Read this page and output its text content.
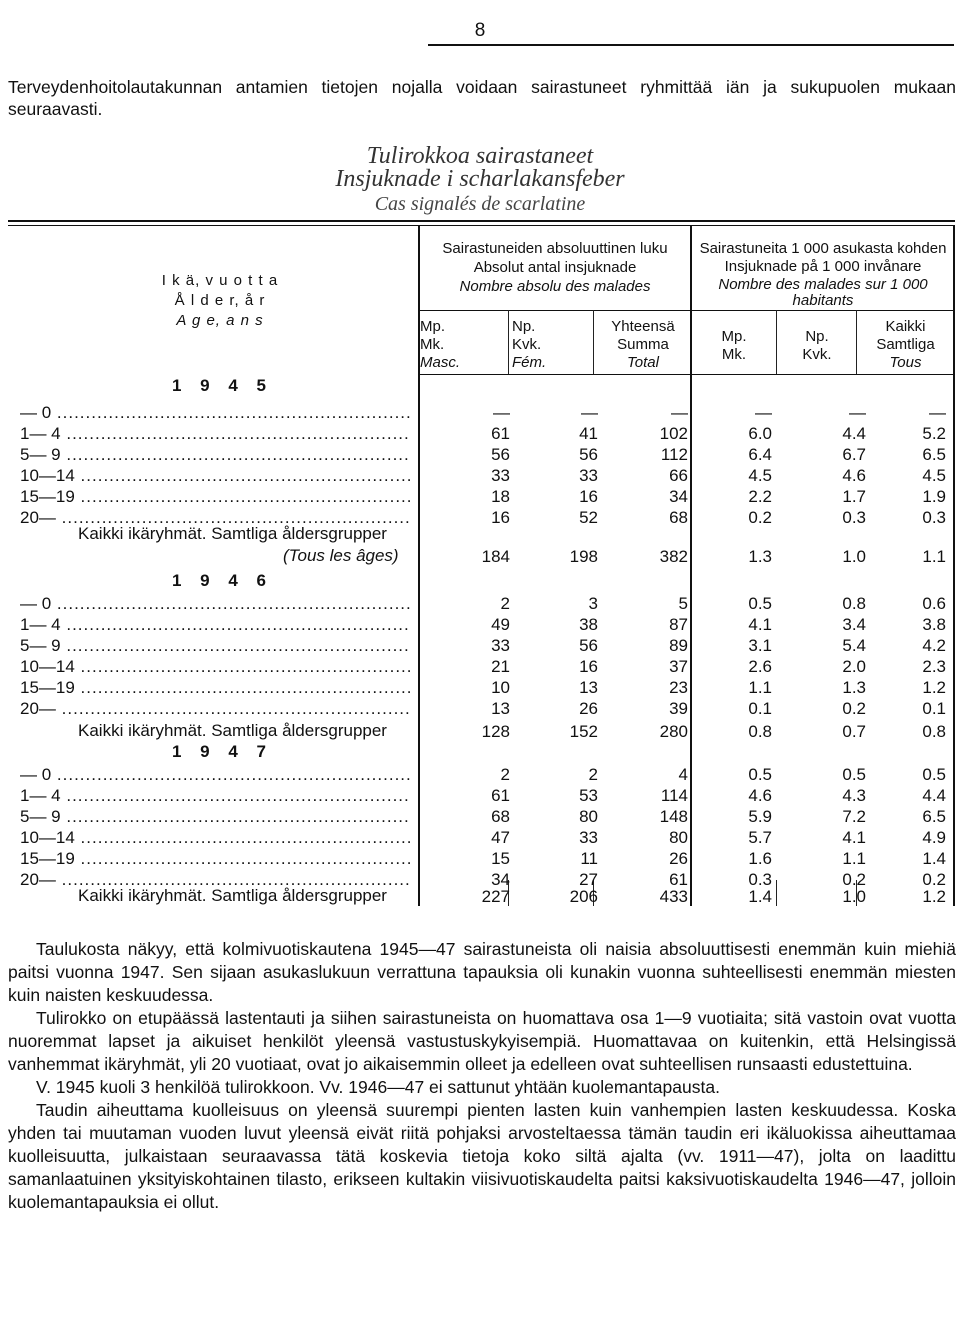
8
Terveydenhoitolautakunnan antamien tietojen nojalla voidaan sairastuneet ryhmittää iän ja sukupuolen mukaan seuraavasti.
Tulirokkoa sairastaneet
Insjuknade i scharlakansfeber
Cas signalés de scarlatine
I k ä, v u o t t a
Å l d e r, å r
A g e, a n s
Sairastuneiden absoluuttinen luku
Absolut antal insjuknade
Nombre absolu des malades
Sairastuneita 1 000 asukasta kohden
Insjuknade på 1 000 invånare
Nombre des malades sur 1 000
habitants
Mp.
Mk.
Masc.
Np.
Kvk.
Fém.
Yhteensä
Summa
Total
Mp.
Mk.
Np.
Kvk.
Kaikki
Samtliga
Tous
1 9 4 5
— 0 .....	—	—	—	—	—	—
1— 4 .....	61	41	102	6.0	4.4	5.2
5— 9 .....	56	56	112	6.4	6.7	6.5
10—14 .....	33	33	66	4.5	4.6	4.5
15—19 .....	18	16	34	2.2	1.7	1.9
20— .....	16	52	68	0.2	0.3	0.3
Kaikki ikäryhmät. Samtliga åldersgrupper
(Tous les âges)	184	198	382	1.3	1.0	1.1
1 9 4 6
— 0 .....	2	3	5	0.5	0.8	0.6
1— 4 .....	49	38	87	4.1	3.4	3.8
5— 9 .....	33	56	89	3.1	5.4	4.2
10—14 .....	21	16	37	2.6	2.0	2.3
15—19 .....	10	13	23	1.1	1.3	1.2
20— .....	13	26	39	0.1	0.2	0.1
Kaikki ikäryhmät. Samtliga åldersgrupper	128	152	280	0.8	0.7	0.8
1 9 4 7
— 0 .....	2	2	4	0.5	0.5	0.5
1— 4 .....	61	53	114	4.6	4.3	4.4
5— 9 .....	68	80	148	5.9	7.2	6.5
10—14 .....	47	33	80	5.7	4.1	4.9
15—19 .....	15	11	26	1.6	1.1	1.4
20— .....	34	27	61	0.3	0.2	0.2
Kaikki ikäryhmät. Samtliga åldersgrupper	227	206	433	1.4	1.0	1.2

Taulukosta näkyy, että kolmivuotiskautena 1945—47 sairastuneista oli naisia absoluuttisesti enemmän kuin miehiä paitsi vuonna 1947. Sen sijaan asukaslukuun verrattuna tapauksia oli kunakin vuonna suhteellisesti enemmän miesten kuin naisten keskuudessa.

Tulirokko on etupäässä lastentauti ja siihen sairastuneista on huomattava osa 1—9 vuotiaita; sitä vastoin ovat vuotta nuoremmat lapset ja aikuiset henkilöt yleensä vastustuskykyisempiä. Huomattavaa on kuitenkin, että Helsingissä vanhemmat ikäryhmät, yli 20 vuotiaat, ovat jo aikaisemmin olleet ja edelleen ovat suhteellisen runsaasti edustettuina.

V. 1945 kuoli 3 henkilöä tulirokkoon. Vv. 1946—47 ei sattunut yhtään kuolemantapausta.

Taudin aiheuttama kuolleisuus on yleensä suurempi pienten lasten kuin vanhempien lasten keskuudessa. Koska yhden tai muutaman vuoden luvut yleensä eivät riitä pohjaksi arvosteltaessa tämän taudin eri ikäluokissa aiheuttamaa kuolleisuutta, julkaistaan seuraavassa tätä koskevia tietoja koko siltä ajalta (vv. 1911—47), jolta on laadittu samanlaatuinen yksityiskohtainen tilasto, erikseen kultakin viisivuotiskaudelta paitsi kaksivuotiskaudelta 1946—47, jolloin kuolemantapauksia ei ollut.
